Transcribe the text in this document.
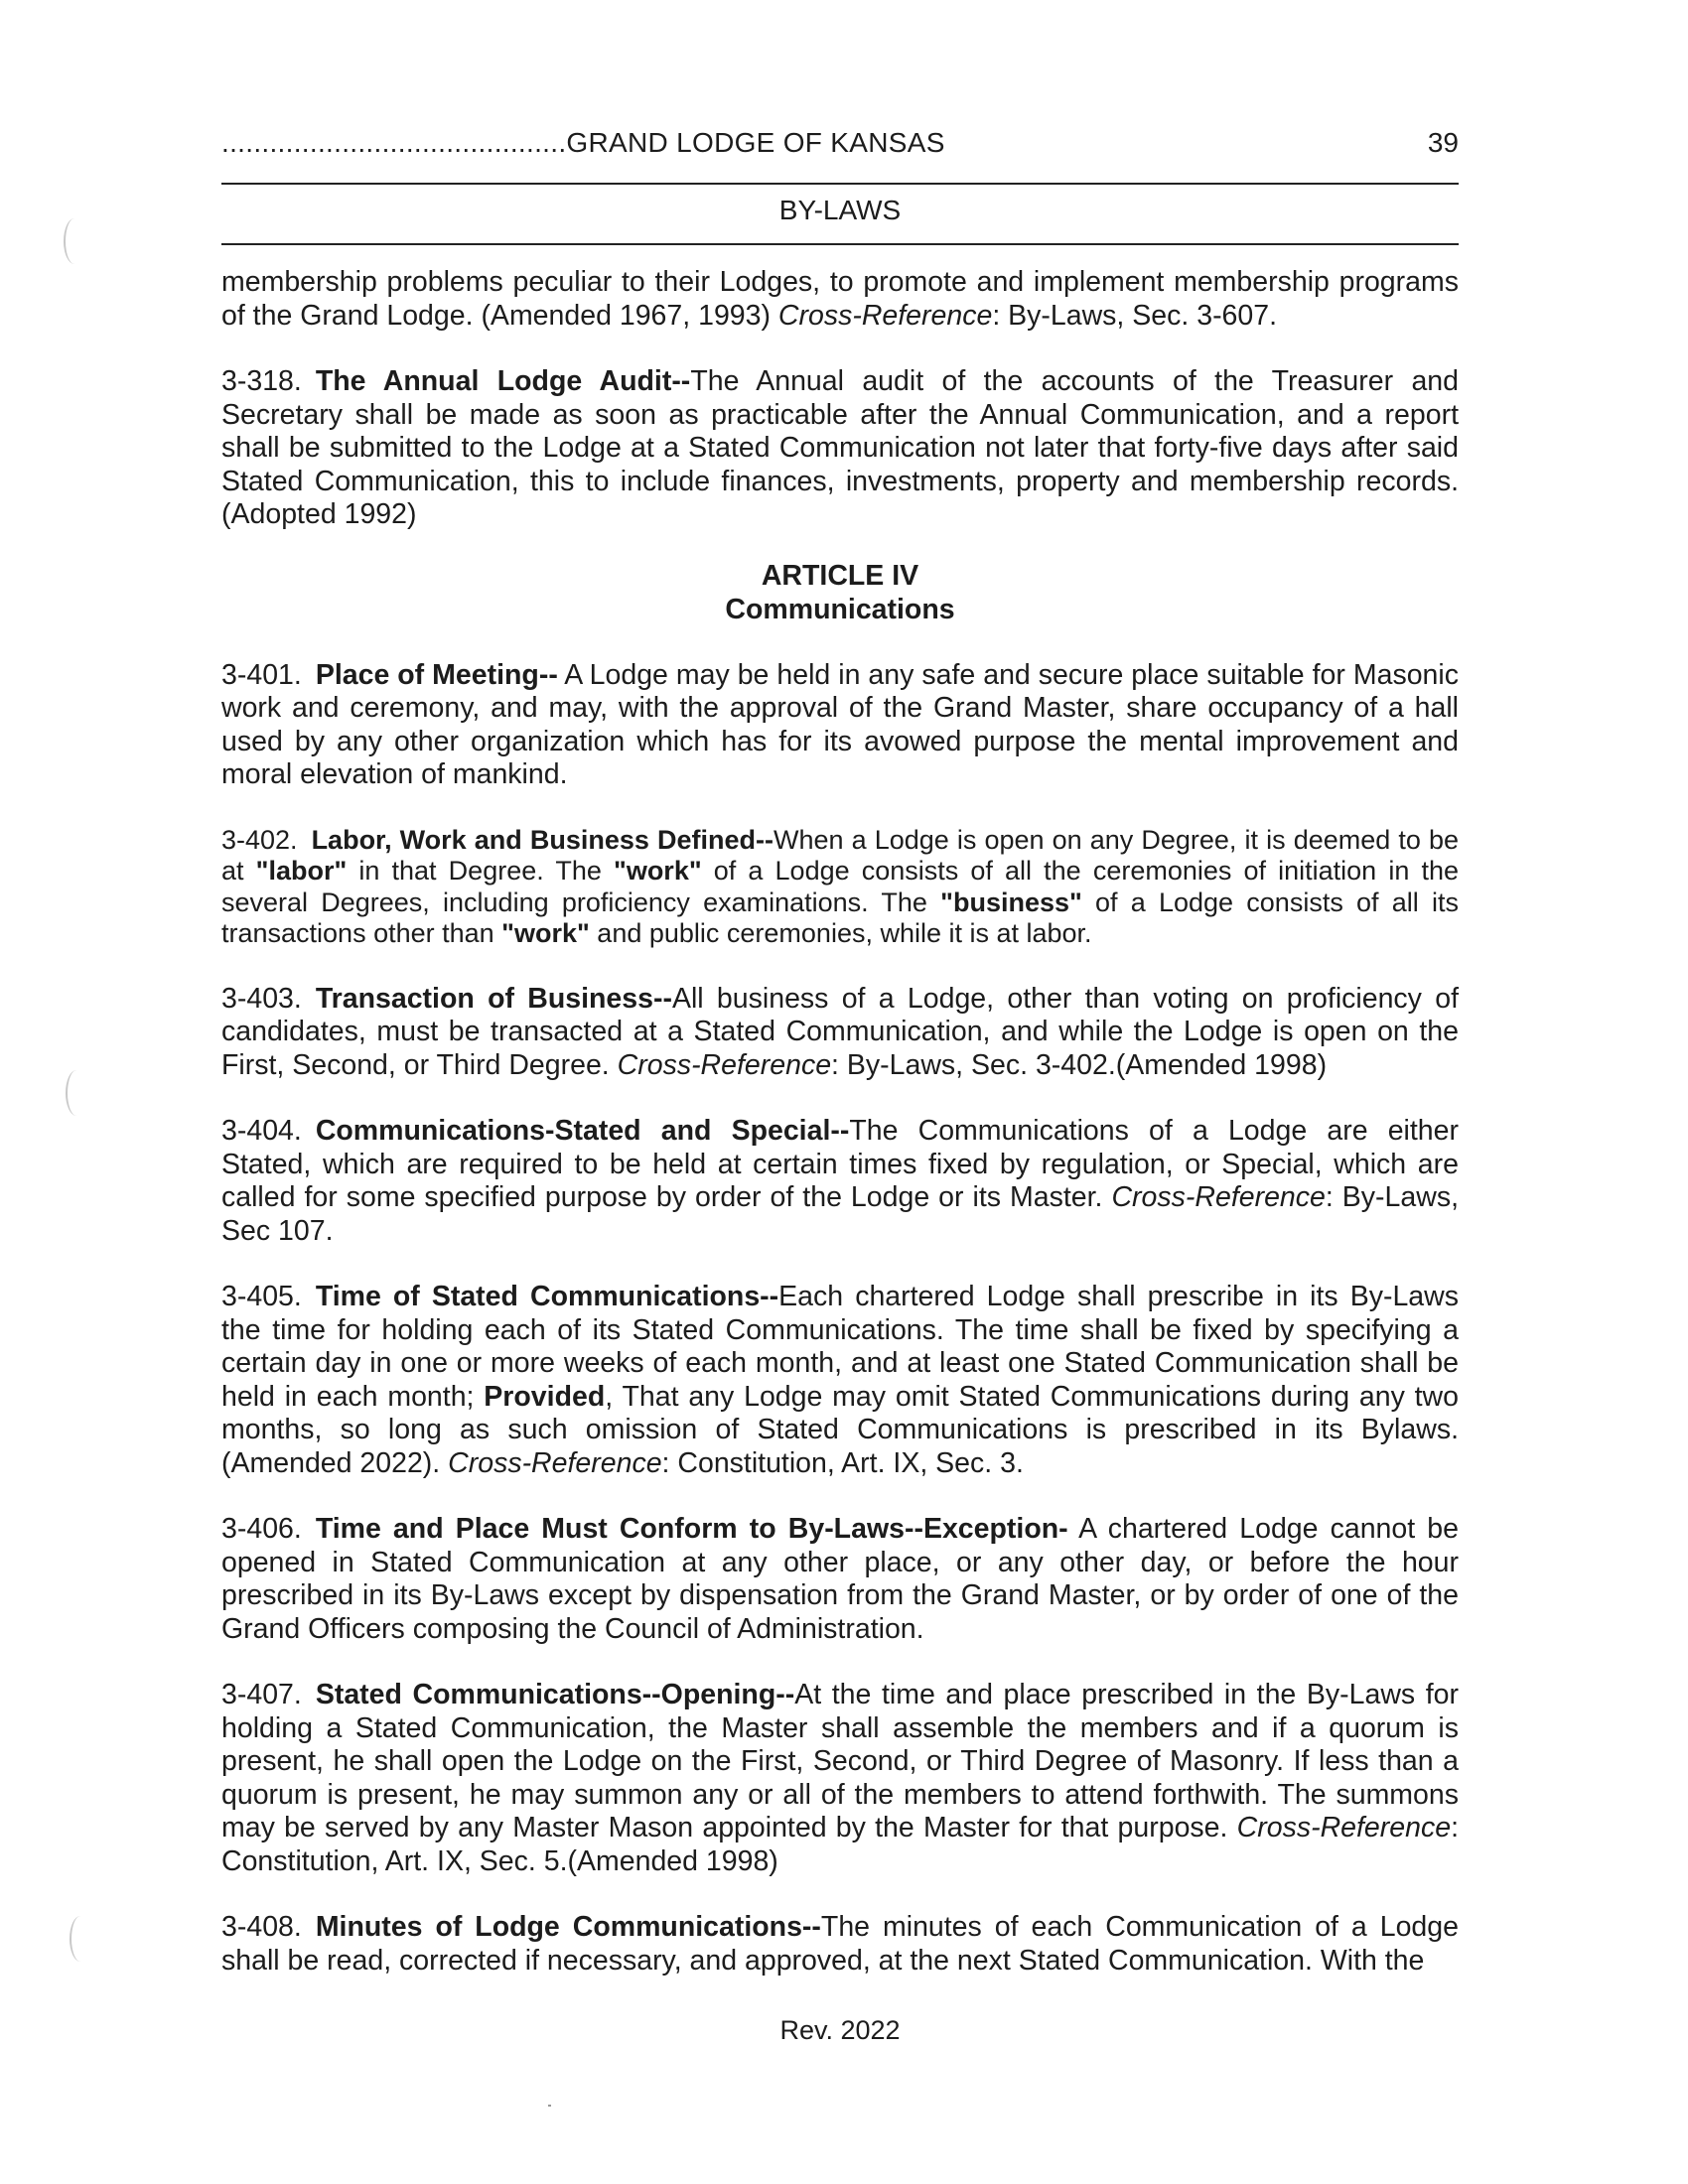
...........................................GRAND LODGE OF KANSAS	39
BY-LAWS

membership problems peculiar to their Lodges, to promote and implement membership programs of the Grand Lodge. (Amended 1967, 1993) Cross-Reference: By-Laws, Sec. 3-607.

3-318. The Annual Lodge Audit--The Annual audit of the accounts of the Treasurer and Secretary shall be made as soon as practicable after the Annual Communication, and a report shall be submitted to the Lodge at a Stated Communication not later that forty-five days after said Stated Communication, this to include finances, investments, property and membership records. (Adopted 1992)

ARTICLE IV
Communications

3-401. Place of Meeting-- A Lodge may be held in any safe and secure place suitable for Masonic work and ceremony, and may, with the approval of the Grand Master, share occupancy of a hall used by any other organization which has for its avowed purpose the mental improvement and moral elevation of mankind.

3-402. Labor, Work and Business Defined--When a Lodge is open on any Degree, it is deemed to be at "labor" in that Degree. The "work" of a Lodge consists of all the ceremonies of initiation in the several Degrees, including proficiency examinations. The "business" of a Lodge consists of all its transactions other than "work" and public ceremonies, while it is at labor.

3-403. Transaction of Business--All business of a Lodge, other than voting on proficiency of candidates, must be transacted at a Stated Communication, and while the Lodge is open on the First, Second, or Third Degree. Cross-Reference: By-Laws, Sec. 3-402.(Amended 1998)

3-404. Communications-Stated and Special--The Communications of a Lodge are either Stated, which are required to be held at certain times fixed by regulation, or Special, which are called for some specified purpose by order of the Lodge or its Master. Cross-Reference: By-Laws, Sec 107.

3-405. Time of Stated Communications--Each chartered Lodge shall prescribe in its By-Laws the time for holding each of its Stated Communications. The time shall be fixed by specifying a certain day in one or more weeks of each month, and at least one Stated Communication shall be held in each month; Provided, That any Lodge may omit Stated Communications during any two months, so long as such omission of Stated Communications is prescribed in its Bylaws. (Amended 2022). Cross-Reference: Constitution, Art. IX, Sec. 3.

3-406. Time and Place Must Conform to By-Laws--Exception- A chartered Lodge cannot be opened in Stated Communication at any other place, or any other day, or before the hour prescribed in its By-Laws except by dispensation from the Grand Master, or by order of one of the Grand Officers composing the Council of Administration.

3-407. Stated Communications--Opening--At the time and place prescribed in the By-Laws for holding a Stated Communication, the Master shall assemble the members and if a quorum is present, he shall open the Lodge on the First, Second, or Third Degree of Masonry. If less than a quorum is present, he may summon any or all of the members to attend forthwith. The summons may be served by any Master Mason appointed by the Master for that purpose. Cross-Reference: Constitution, Art. IX, Sec. 5.(Amended 1998)

3-408. Minutes of Lodge Communications--The minutes of each Communication of a Lodge shall be read, corrected if necessary, and approved, at the next Stated Communication. With the

Rev. 2022
